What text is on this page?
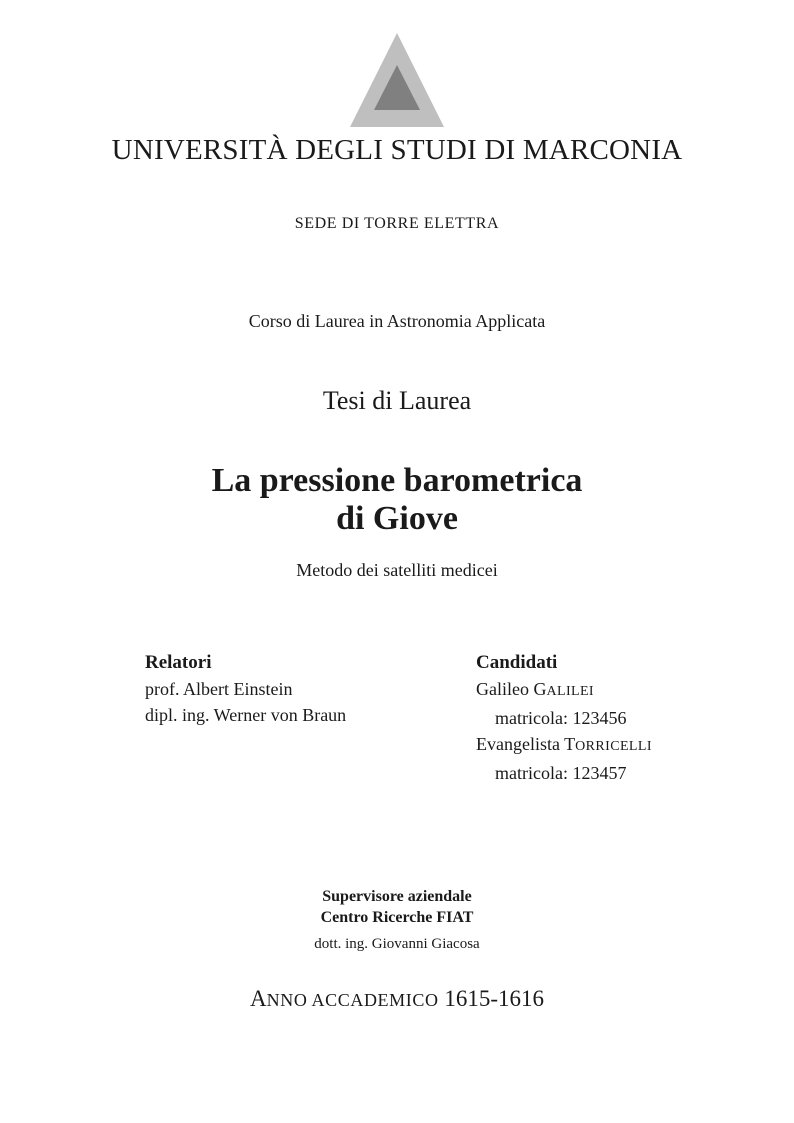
UNIVERSITÀ DEGLI STUDI DI MARCONIA
SEDE DI TORRE ELETTRA
Corso di Laurea in Astronomia Applicata
Tesi di Laurea
La pressione barometrica
di Giove
Metodo dei satelliti medicei
Relatori
prof. Albert Einstein
dipl. ing. Werner von Braun
Candidati
Galileo GALILEI
matricola: 123456
Evangelista TORRICELLI
matricola: 123457
Supervisore aziendale
Centro Ricerche FIAT
dott. ing. Giovanni Giacosa
ANNO ACCADEMICO 1615-1616
